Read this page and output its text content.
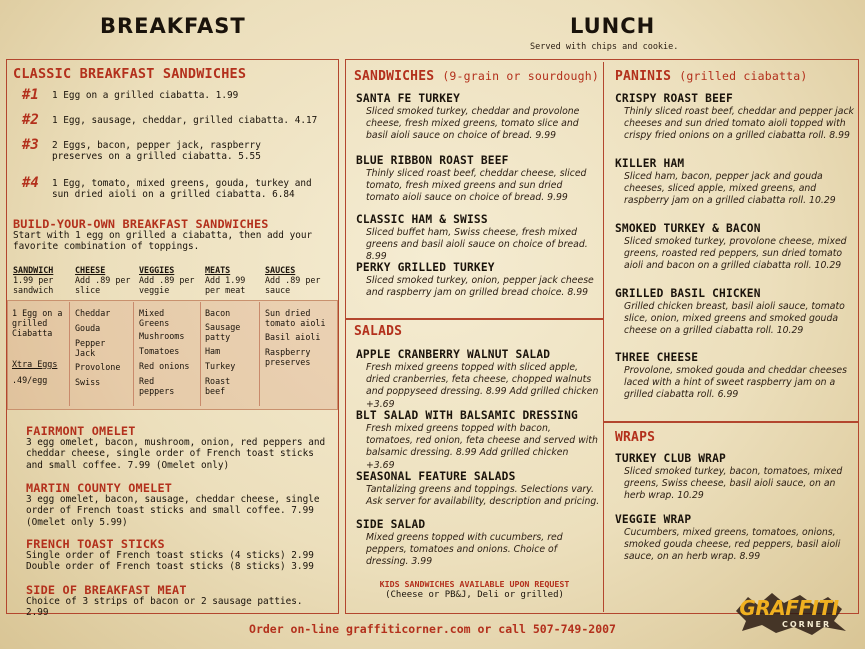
BREAKFAST	LUNCH
Served with chips and cookie.
CLASSIC BREAKFAST SANDWICHES
#1 1 Egg on a grilled ciabatta. 1.99
#2 1 Egg, sausage, cheddar, grilled ciabatta. 4.17
#3 2 Eggs, bacon, pepper jack, raspberry preserves on a grilled ciabatta. 5.55
#4 1 Egg, tomato, mixed greens, gouda, turkey and sun dried aioli on a grilled ciabatta. 6.84
BUILD-YOUR-OWN BREAKFAST SANDWICHES
Start with 1 egg on grilled a ciabatta, then add your favorite combination of toppings.
SANDWICH
1.99 per sandwich
CHEESE
Add .89 per slice
VEGGIES
Add .89 per veggie
MEATS
Add 1.99 per meat
SAUCES
Add .89 per sauce
1 Egg on a grilled Ciabatta
Xtra Eggs
.49/egg
Cheddar
Gouda
Pepper Jack
Provolone
Swiss
Mixed Greens
Mushrooms
Tomatoes
Red onions
Red peppers
Bacon
Sausage patty
Ham
Turkey
Roast beef
Sun dried tomato aioli
Basil aioli
Raspberry preserves
FAIRMONT OMELET
3 egg omelet, bacon, mushroom, onion, red peppers and cheddar cheese, single order of French toast sticks and small coffee. 7.99 (Omelet only)
MARTIN COUNTY OMELET
3 egg omelet, bacon, sausage, cheddar cheese, single order of French toast sticks and small coffee. 7.99 (Omelet only 5.99)
FRENCH TOAST STICKS
Single order of French toast sticks (4 sticks) 2.99 Double order of French toast sticks (8 sticks) 3.99
SIDE OF BREAKFAST MEAT
Choice of 3 strips of bacon or 2 sausage patties. 2.99
SANDWICHES (9-grain or sourdough)
SANTA FE TURKEY
Sliced smoked turkey, cheddar and provolone cheese, fresh mixed greens, tomato slice and basil aioli sauce on choice of bread. 9.99
BLUE RIBBON ROAST BEEF
Thinly sliced roast beef, cheddar cheese, sliced tomato, fresh mixed greens and sun dried tomato aioli sauce on choice of bread. 9.99
CLASSIC HAM & SWISS
Sliced buffet ham, Swiss cheese, fresh mixed greens and basil aioli sauce on choice of bread. 8.99
PERKY GRILLED TURKEY
Sliced smoked turkey, onion, pepper jack cheese and raspberry jam on grilled bread choice. 8.99
SALADS
APPLE CRANBERRY WALNUT SALAD
Fresh mixed greens topped with sliced apple, dried cranberries, feta cheese, chopped walnuts and poppyseed dressing. 8.99 Add grilled chicken +3.69
BLT SALAD WITH BALSAMIC DRESSING
Fresh mixed greens topped with bacon, tomatoes, red onion, feta cheese and served with balsamic dressing. 8.99 Add grilled chicken +3.69
SEASONAL FEATURE SALADS
Tantalizing greens and toppings. Selections vary. Ask server for availability, description and pricing.
SIDE SALAD
Mixed greens topped with cucumbers, red peppers, tomatoes and onions. Choice of dressing. 3.99
KIDS SANDWICHES AVAILABLE UPON REQUEST
(Cheese or PB&J, Deli or grilled)
PANINIS (grilled ciabatta)
CRISPY ROAST BEEF
Thinly sliced roast beef, cheddar and pepper jack cheeses and sun dried tomato aioli topped with crispy fried onions on a grilled ciabatta roll. 8.99
KILLER HAM
Sliced ham, bacon, pepper jack and gouda cheeses, sliced apple, mixed greens, and raspberry jam on a grilled ciabatta roll. 10.29
SMOKED TURKEY & BACON
Sliced smoked turkey, provolone cheese, mixed greens, roasted red peppers, sun dried tomato aioli and bacon on a grilled ciabatta roll. 10.29
GRILLED BASIL CHICKEN
Grilled chicken breast, basil aioli sauce, tomato slice, onion, mixed greens and smoked gouda cheese on a grilled ciabatta roll. 10.29
THREE CHEESE
Provolone, smoked gouda and cheddar cheeses laced with a hint of sweet raspberry jam on a grilled ciabatta roll. 6.99
WRAPS
TURKEY CLUB WRAP
Sliced smoked turkey, bacon, tomatoes, mixed greens, Swiss cheese, basil aioli sauce, on an herb wrap. 10.29
VEGGIE WRAP
Cucumbers, mixed greens, tomatoes, onions, smoked gouda cheese, red peppers, basil aioli sauce, on an herb wrap. 8.99
GRAFFITI
CORNER
Order on-line graffiticorner.com or call 507-749-2007
